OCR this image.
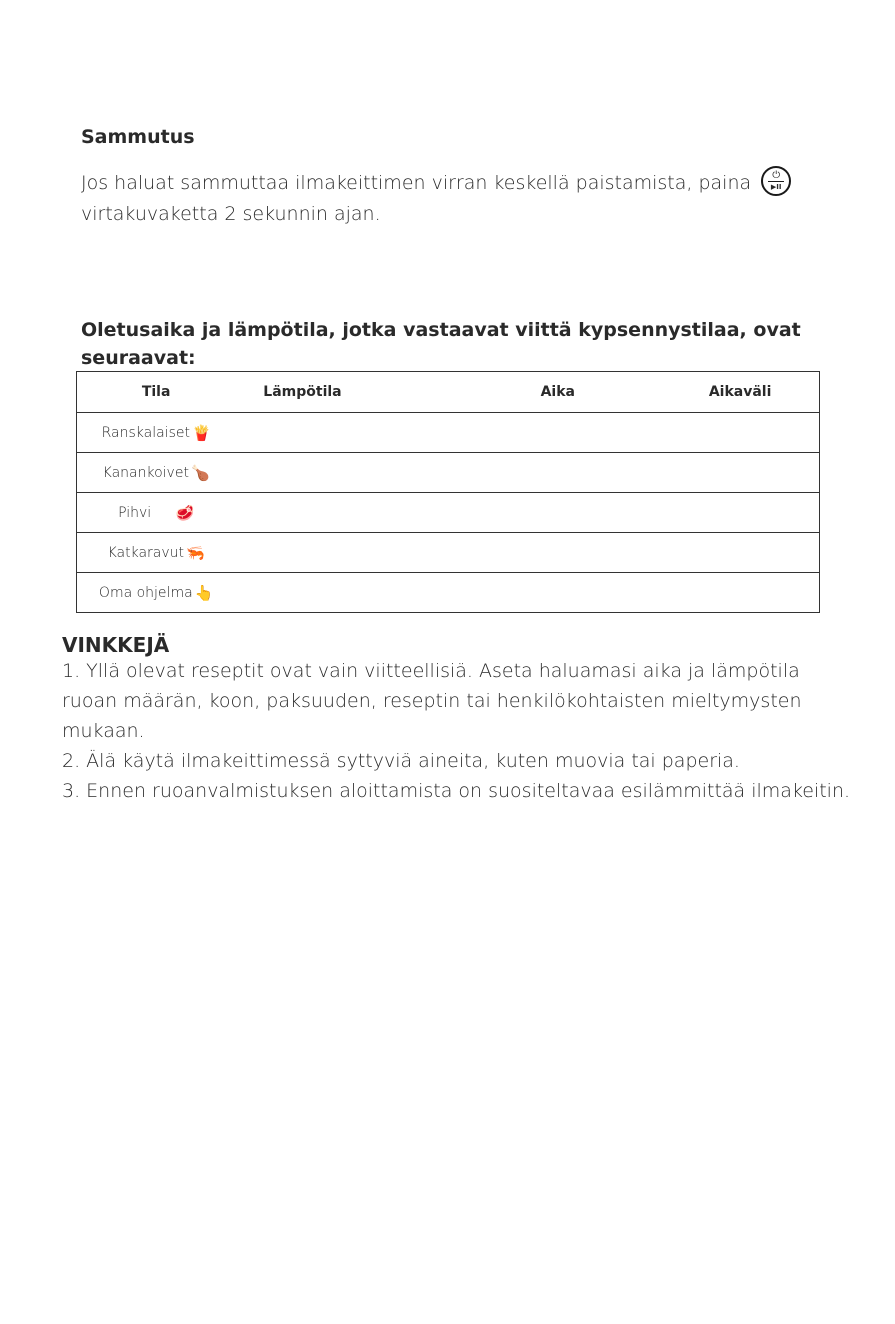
Sammutus

Jos haluat sammuttaa ilmakeittimen virran keskellä paistamista, paina	⏻
▶II

virtakuvaketta 2 sekunnin ajan.

Oletusaika ja lämpötila, jotka vastaavat viittä kypsennystilaa, ovat seuraavat:
Tila	Lämpötila	Aika	Aikaväli
Ranskalaiset 🍟			
Kanankoivet 🍗			
Pihvi 🥩			
Katkaravut 🦐			
Oma ohjelma 👆			
VINKKEJÄ
1. Yllä olevat reseptit ovat vain viitteellisiä. Aseta haluamasi aika ja lämpötila ruoan määrän, koon, paksuuden, reseptin tai henkilökohtaisten mieltymysten mukaan.
2. Älä käytä ilmakeittimessä syttyviä aineita, kuten muovia tai paperia.
3. Ennen ruoanvalmistuksen aloittamista on suositeltavaa esilämmittää ilmakeitin.
